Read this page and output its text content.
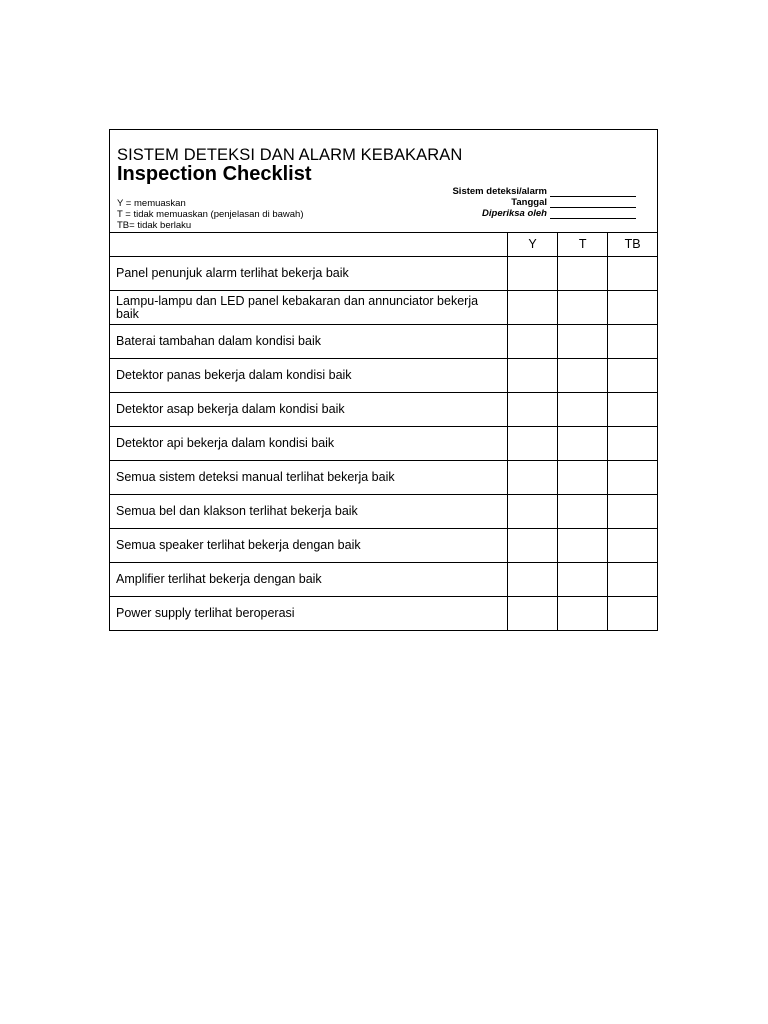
SISTEM DETEKSI DAN ALARM KEBAKARAN
Inspection Checklist
Y = memuaskan
T = tidak memuaskan (penjelasan di bawah)
TB= tidak berlaku
Sistem deteksi/alarm
Tanggal
Diperiksa oleh
	Y	T	TB
Panel penunjuk alarm terlihat bekerja baik			
Lampu-lampu dan LED panel kebakaran dan annunciator bekerja baik			
Baterai tambahan dalam kondisi baik			
Detektor panas bekerja dalam kondisi baik			
Detektor asap bekerja dalam kondisi baik			
Detektor api bekerja dalam kondisi baik			
Semua sistem deteksi manual terlihat bekerja baik			
Semua bel dan klakson terlihat bekerja baik			
Semua speaker terlihat bekerja dengan baik			
Amplifier terlihat bekerja dengan baik			
Power supply terlihat beroperasi			
